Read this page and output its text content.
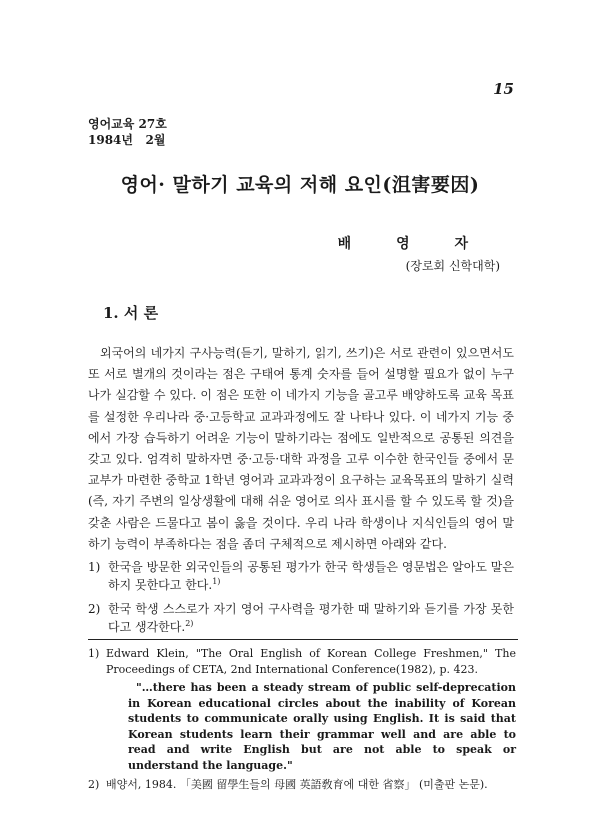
15
영어교육 27호
1984년   2월
영어· 말하기 교육의 저해 요인(沮害要因)
배 영 자
(장로회 신학대학)
1. 서 론

외국어의 네가지 구사능력(듣기, 말하기, 읽기, 쓰기)은 서로 관련이 있으면서도 또 서로 별개의 것이라는 점은 구태여 통계 숫자를 들어 설명할 필요가 없이 누구나가 실감할 수 있다. 이 점은 또한 이 네가지 기능을 골고루 배양하도록 교육 목표를 설정한 우리나라 중·고등학교 교과과정에도 잘 나타나 있다. 이 네가지 기능 중에서 가장 습득하기 어려운 기능이 말하기라는 점에도 일반적으로 공통된 의견을 갖고 있다. 엄격히 말하자면 중·고등·대학 과정을 고루 이수한 한국인들 중에서 문교부가 마련한 중학교 1학년 영어과 교과과정이 요구하는 교육목표의 말하기 실력(즉, 자기 주변의 일상생활에 대해 쉬운 영어로 의사 표시를 할 수 있도록 할 것)을 갖춘 사람은 드물다고 봄이 옳을 것이다. 우리 나라 학생이나 지식인들의 영어 말하기 능력이 부족하다는 점을 좀더 구체적으로 제시하면 아래와 같다.

1) 한국을 방문한 외국인들의 공통된 평가가 한국 학생들은 영문법은 알아도 말은 하지 못한다고 한다.$^{1)}$
2) 한국 학생 스스로가 자기 영어 구사력을 평가한 때 말하기와 듣기를 가장 못한다고 생각한다.$^{2)}$
1) Edward Klein, "The Oral English of Korean College Freshmen," The Proceedings of CETA, 2nd International Conference(1982), p. 423.
"…there has been a steady stream of public self-deprecation in Korean educational circles about the inability of Korean students to communicate orally using English. It is said that Korean students learn their grammar well and are able to read and write English but are not able to speak or understand the language."
2) 배양서, 1984. 「美國 留學生들의 母國 英語敎育에 대한 省察」 (미출판 논문).
